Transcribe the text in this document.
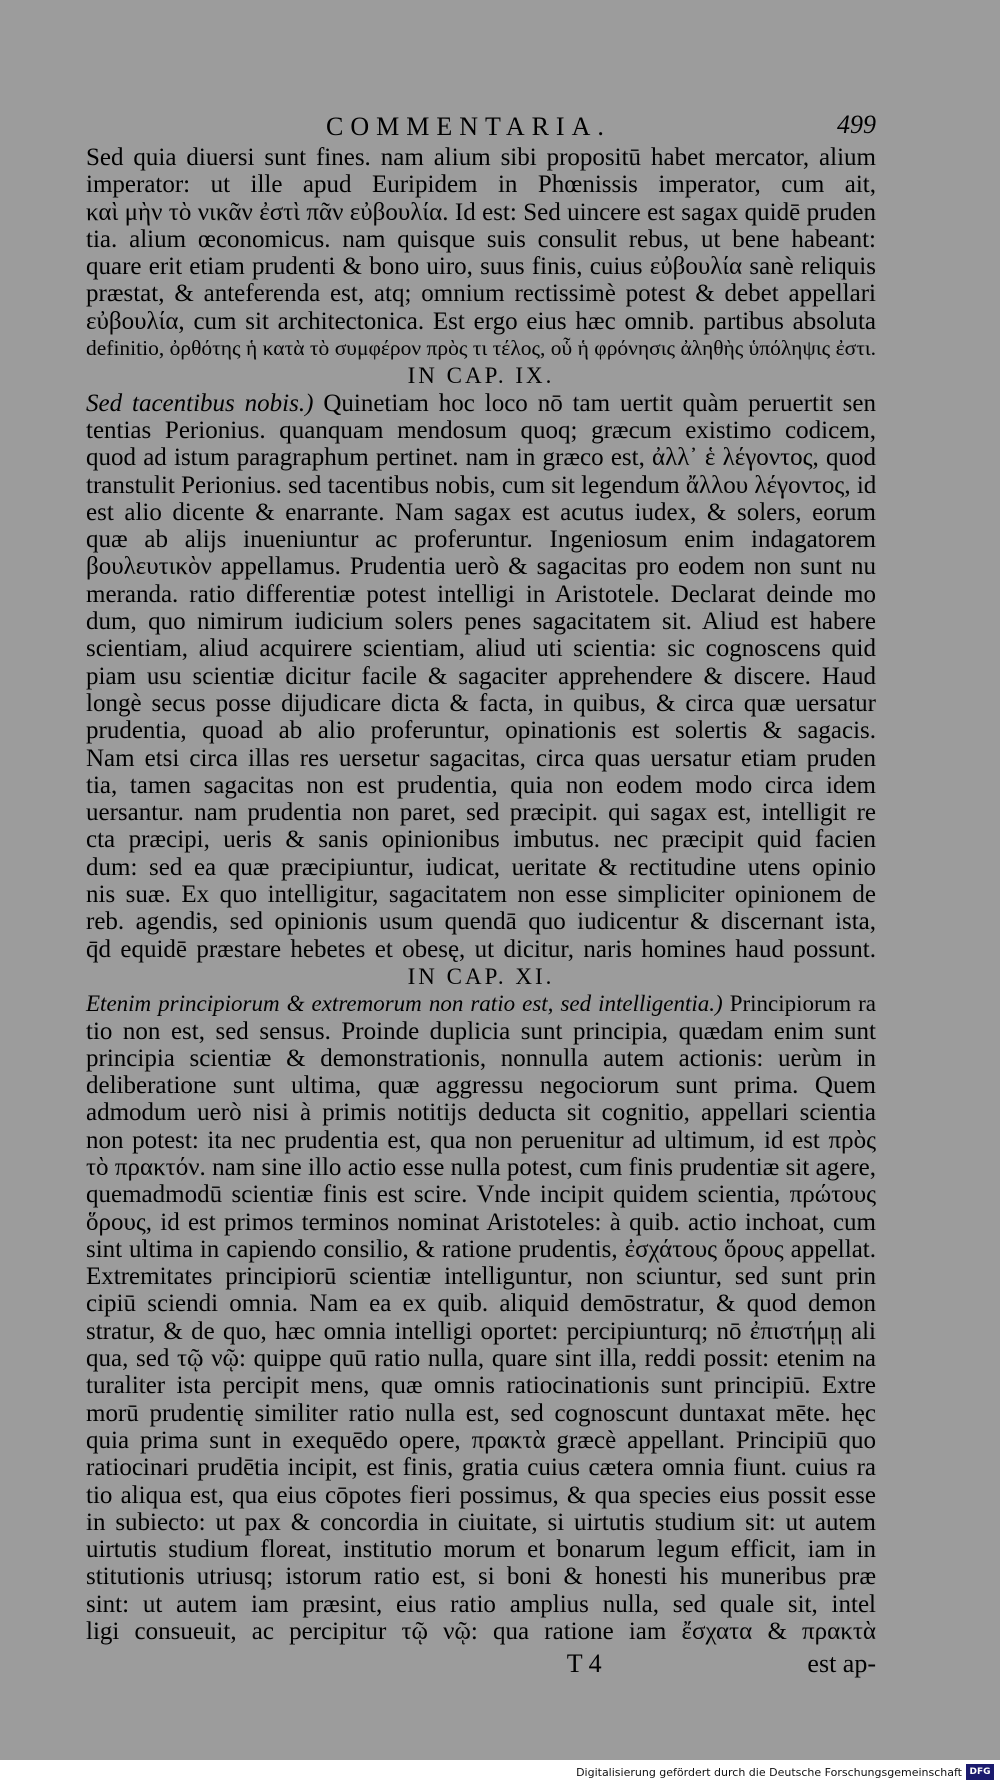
COMMENTARIA.	499
Sed quia diuersi sunt fines. nam alium sibi propositū habet mercator, alium
imperator: ut ille apud Euripidem in Phœnissis imperator, cum ait,
καὶ μὴν τὸ νικᾶν ἐστὶ πᾶν εὐβουλία. Id est: Sed uincere est sagax quidē pruden
tia. alium œconomicus. nam quisque suis consulit rebus, ut bene habeant:
quare erit etiam prudenti & bono uiro, suus finis, cuius εὐβουλία sanè reliquis
præstat, & anteferenda est, atq; omnium rectissimè potest & debet appellari
εὐβουλία, cum sit architectonica. Est ergo eius hæc omnib. partibus absoluta
definitio, ὀρθότης ἡ κατὰ τὸ συμφέρον πρὸς τι τέλος, οὗ ἡ φρόνησις ἀληθὴς ὑπόληψις ἐστι.
IN CAP. IX.
Sed tacentibus nobis.) Quinetiam hoc loco nō tam uertit quàm peruertit sen
tentias Perionius. quanquam mendosum quoq; græcum existimo codicem,
quod ad istum paragraphum pertinet. nam in græco est, ἀλλ᾽ ἑ λέγοντος, quod
transtulit Perionius. sed tacentibus nobis, cum sit legendum ἄλλου λέγοντος, id
est alio dicente & enarrante. Nam sagax est acutus iudex, & solers, eorum
quæ ab alijs inueniuntur ac proferuntur. Ingeniosum enim indagatorem
βουλευτικὸν appellamus. Prudentia uerò & sagacitas pro eodem non sunt nu
meranda. ratio differentiæ potest intelligi in Aristotele. Declarat deinde mo
dum, quo nimirum iudicium solers penes sagacitatem sit. Aliud est habere
scientiam, aliud acquirere scientiam, aliud uti scientia: sic cognoscens quid
piam usu scientiæ dicitur facile & sagaciter apprehendere & discere. Haud
longè secus posse dijudicare dicta & facta, in quibus, & circa quæ uersatur
prudentia, quoad ab alio proferuntur, opinationis est solertis & sagacis.
Nam etsi circa illas res uersetur sagacitas, circa quas uersatur etiam pruden
tia, tamen sagacitas non est prudentia, quia non eodem modo circa idem
uersantur. nam prudentia non paret, sed præcipit. qui sagax est, intelligit re
cta præcipi, ueris & sanis opinionibus imbutus. nec præcipit quid facien
dum: sed ea quæ præcipiuntur, iudicat, ueritate & rectitudine utens opinio
nis suæ. Ex quo intelligitur, sagacitatem non esse simpliciter opinionem de
reb. agendis, sed opinionis usum quendā quo iudicentur & discernant ista,
q̄d equidē præstare hebetes et obesę, ut dicitur, naris homines haud possunt.
IN CAP. XI.
Etenim principiorum & extremorum non ratio est, sed intelligentia.) Principiorum ra
tio non est, sed sensus. Proinde duplicia sunt principia, quædam enim sunt
principia scientiæ & demonstrationis, nonnulla autem actionis: uerùm in
deliberatione sunt ultima, quæ aggressu negociorum sunt prima. Quem
admodum uerò nisi à primis notitijs deducta sit cognitio, appellari scientia
non potest: ita nec prudentia est, qua non peruenitur ad ultimum, id est πρὸς
τὸ πρακτόν. nam sine illo actio esse nulla potest, cum finis prudentiæ sit agere,
quemadmodū scientiæ finis est scire. Vnde incipit quidem scientia, πρώτους
ὅρους, id est primos terminos nominat Aristoteles: à quib. actio inchoat, cum
sint ultima in capiendo consilio, & ratione prudentis, ἐσχάτους ὅρους appellat.
Extremitates principiorū scientiæ intelliguntur, non sciuntur, sed sunt prin
cipiū sciendi omnia. Nam ea ex quib. aliquid demōstratur, & quod demon
stratur, & de quo, hæc omnia intelligi oportet: percipiunturq; nō ἐπιστήμῃ ali
qua, sed τῷ νῷ: quippe quū ratio nulla, quare sint illa, reddi possit: etenim na
turaliter ista percipit mens, quæ omnis ratiocinationis sunt principiū. Extre
morū prudentię similiter ratio nulla est, sed cognoscunt duntaxat mēte. hęc
quia prima sunt in exequēdo opere, πρακτὰ græcè appellant. Principiū quo
ratiocinari prudētia incipit, est finis, gratia cuius cætera omnia fiunt. cuius ra
tio aliqua est, qua eius cōpotes fieri possimus, & qua species eius possit esse
in subiecto: ut pax & concordia in ciuitate, si uirtutis studium sit: ut autem
uirtutis studium floreat, institutio morum et bonarum legum efficit, iam in
stitutionis utriusq; istorum ratio est, si boni & honesti his muneribus præ
sint: ut autem iam præsint, eius ratio amplius nulla, sed quale sit, intel
ligi consueuit, ac percipitur τῷ νῷ: qua ratione iam ἔσχατα & πρακτὰ
T 4	est ap-
Digitalisierung gefördert durch die Deutsche Forschungsgemeinschaft DFG
